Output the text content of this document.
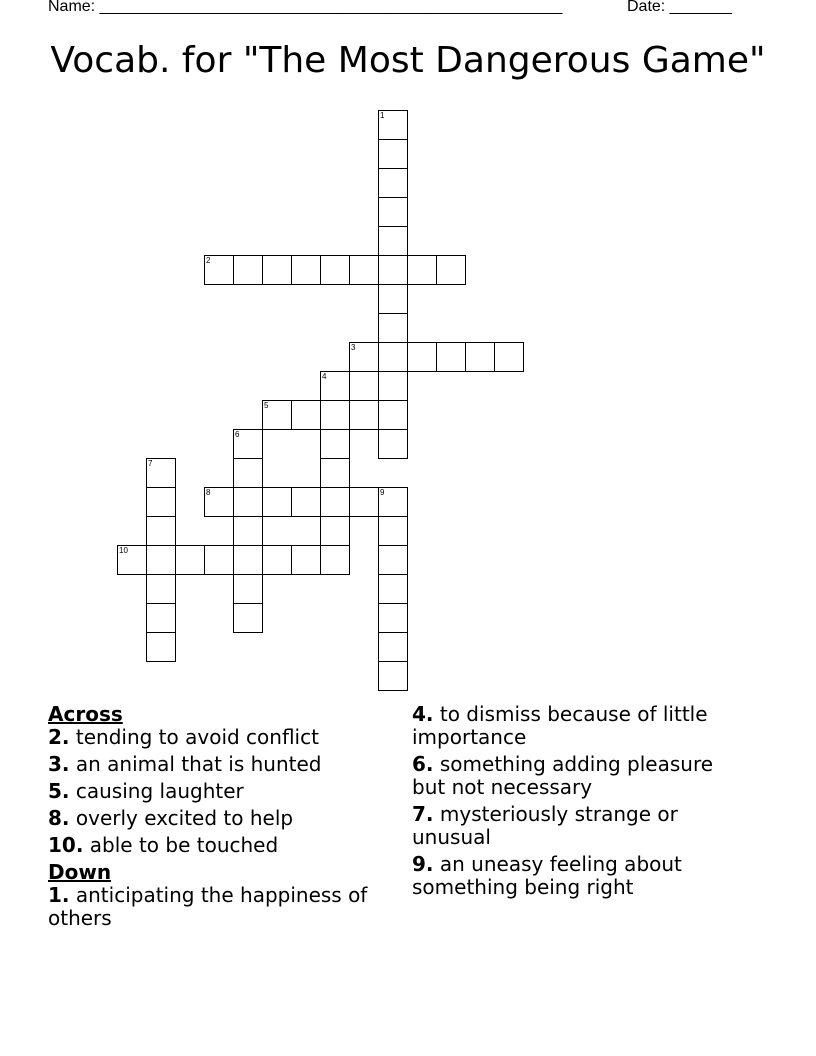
Name: ____________________________________________________	Date: _______
Vocab. for "The Most Dangerous Game"
1
2
3
4
5
6
7
8	9
10
Across
2. tending to avoid conflict
3. an animal that is hunted
5. causing laughter
8. overly excited to help
10. able to be touched
Down
1. anticipating the happiness of others
4. to dismiss because of little importance
6. something adding pleasure but not necessary
7. mysteriously strange or unusual
9. an uneasy feeling about something being right
